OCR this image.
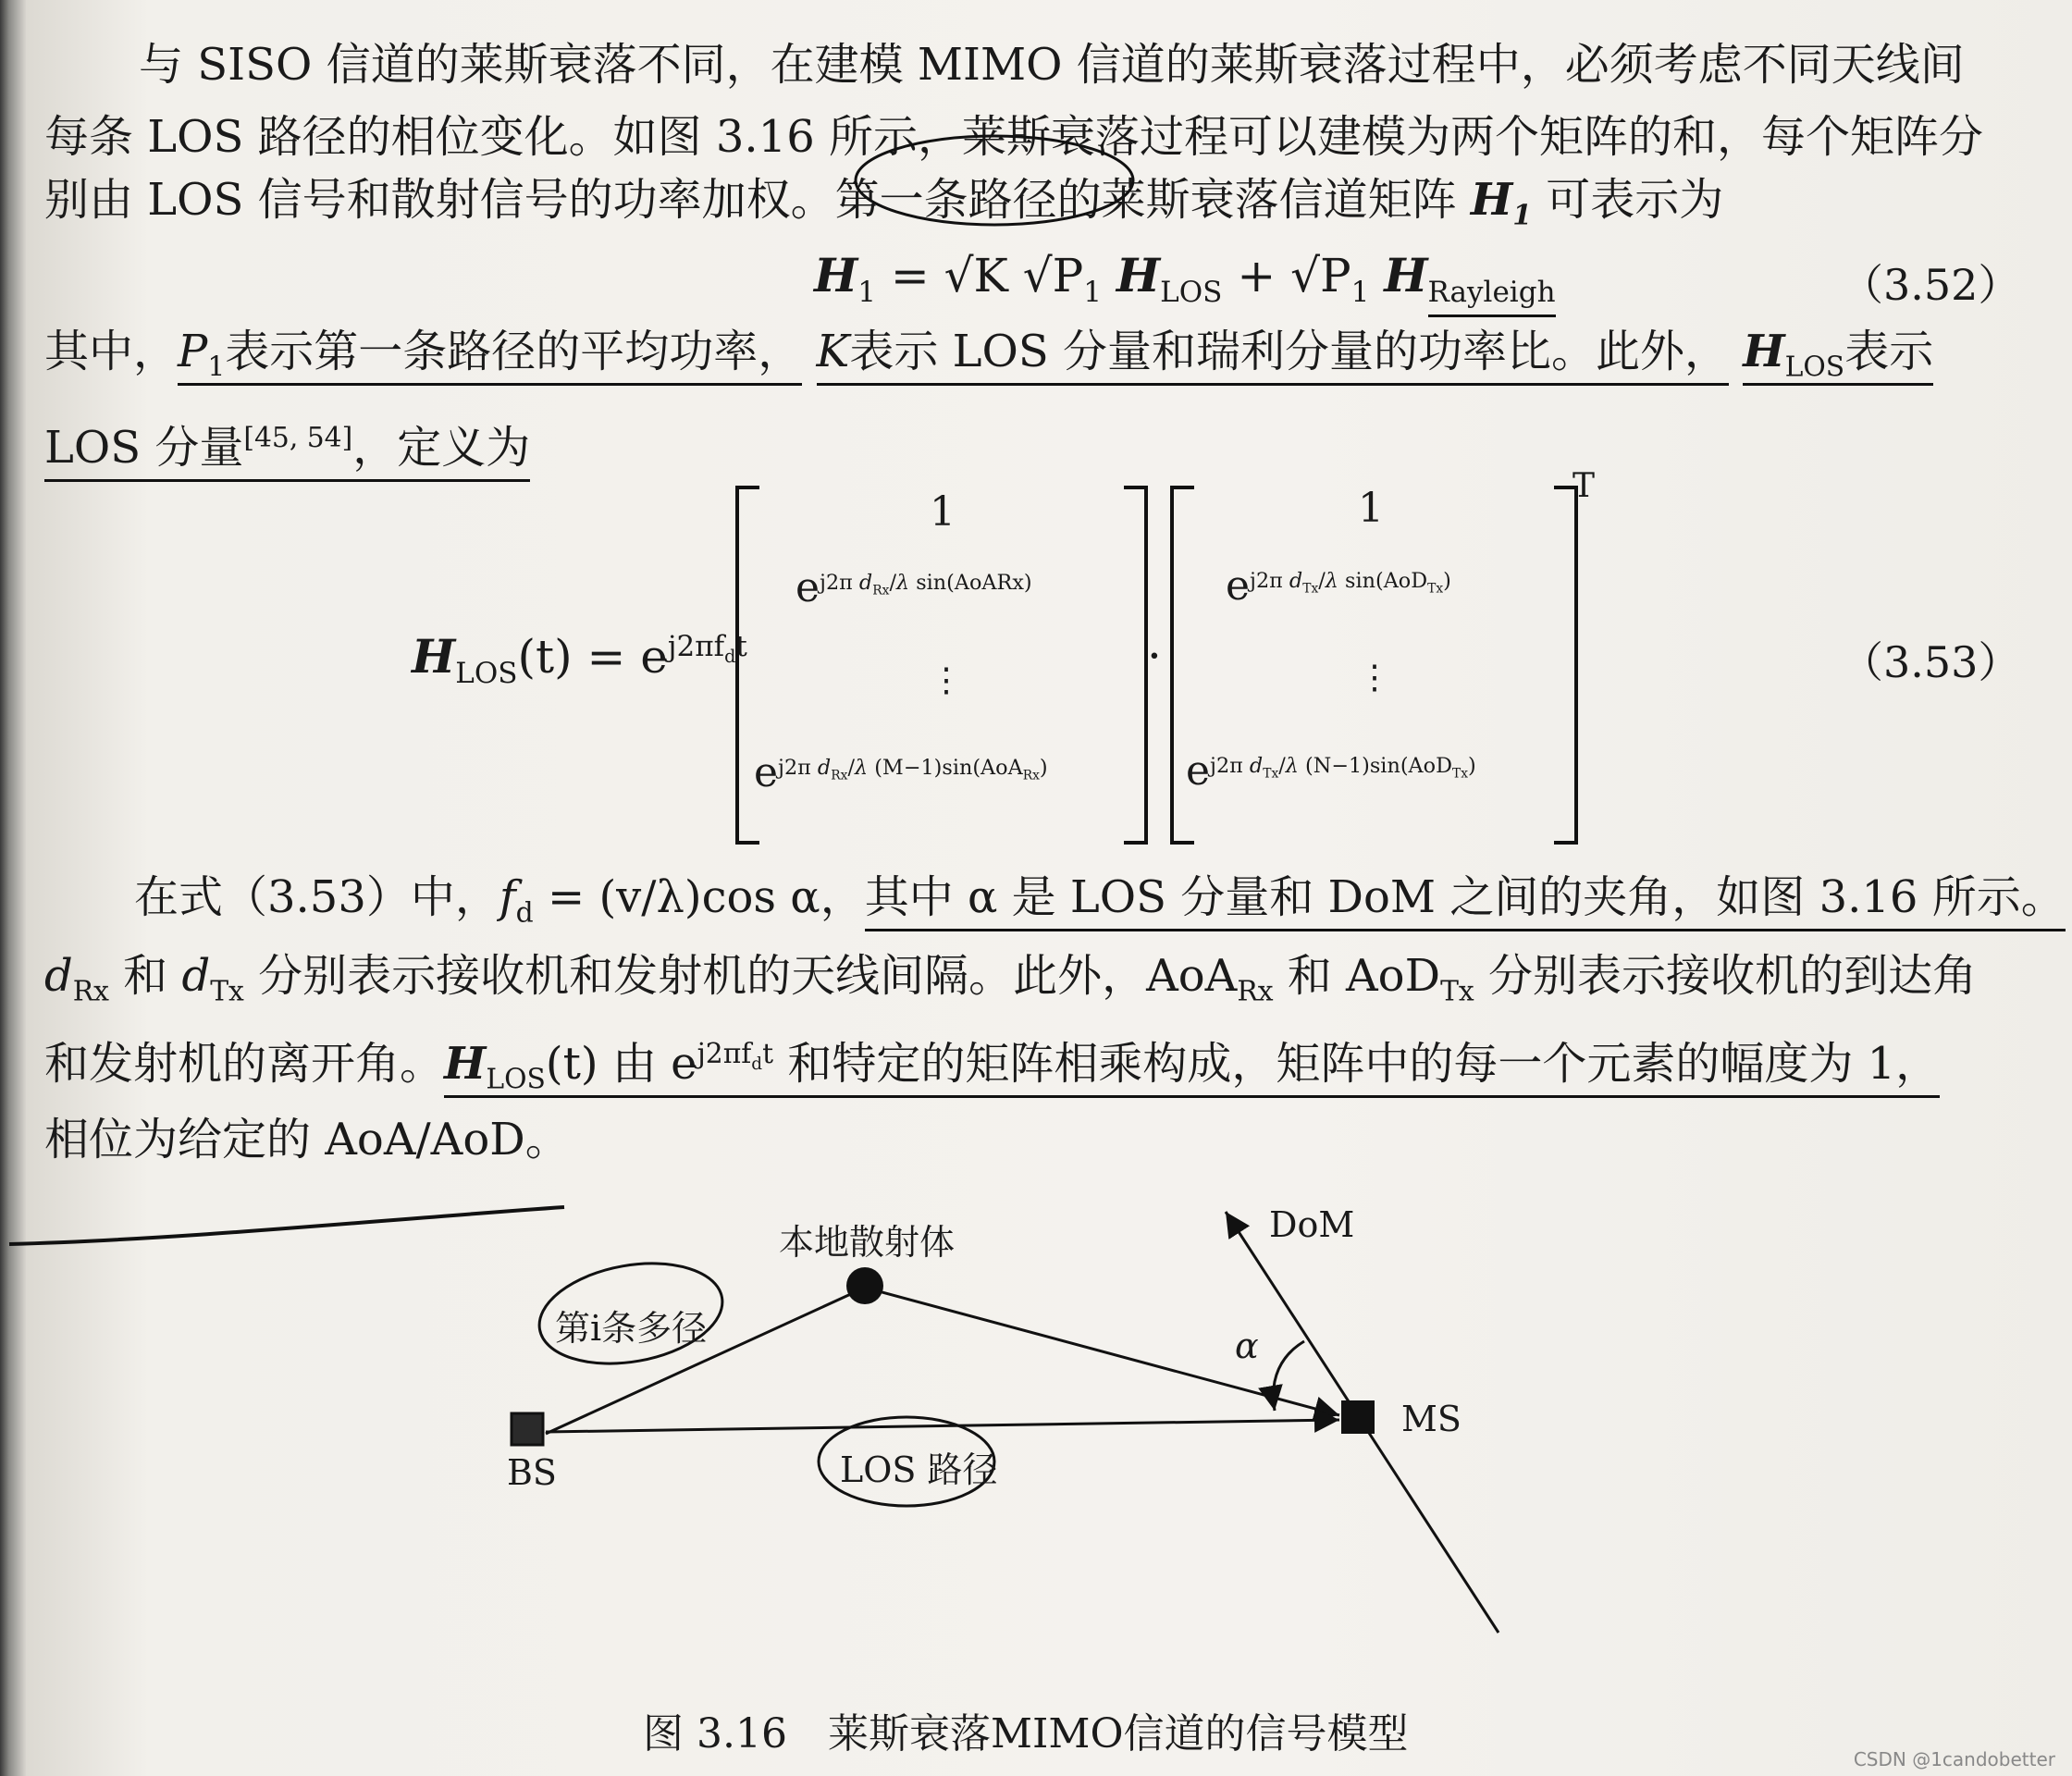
与 SISO 信道的莱斯衰落不同，在建模 MIMO 信道的莱斯衰落过程中，必须考虑不同天线间
每条 LOS 路径的相位变化。如图 3.16 所示，莱斯衰落过程可以建模为两个矩阵的和，每个矩阵分
别由 LOS 信号和散射信号的功率加权。第一条路径的莱斯衰落信道矩阵 $H_1$ 可表示为
$H_1 = √K$ $√P_1$ $H_{LOS} + √P_1$ $H_{Rayleigh}$	（3.52）
其中，$P_1$表示第一条路径的平均功率， K表示 LOS 分量和瑞利分量的功率比。此外， $H_{LOS}$表示
LOS 分量[45, 54]，定义为
$H_{LOS}(t) = e^{j2\pi f_dt}$
1
$e^{j2\pi d_{Rx}/\lambda sin(AoARx)}$
⋮
$e^{j2\pi d_{Rx}/\lambda (M-1)sin(AoA_{Rx})}$
·
1
$e^{j2\pi d_{Tx}/\lambda sin(AoD_{Tx})}$
⋮
$e^{j2\pi d_{Tx}/\lambda (N-1)sin(AoD_{Tx})}$
T
（3.53）
在式（3.53）中，$f_d = (v/\lambda)\cos$ α，其中 α 是 LOS 分量和 DoM 之间的夹角，如图 3.16 所示。
$d_{Rx}$ 和 $d_{Tx}$ 分别表示接收机和发射机的天线间隔。此外，AoA$_{Rx}$ 和 AoD$_{Tx}$ 分别表示接收机的到达角
和发射机的离开角。$H_{LOS}(t)$ 由 $e^{j2\pi f_dt}$ 和特定的矩阵相乘构成，矩阵中的每一个元素的幅度为 1，
相位为给定的 AoA/AoD。
本地散射体	DoM
第i条多径	α
MS
BS	LOS 路径
图 3.16　莱斯衰落MIMO信道的信号模型
CSDN @1candobetter
